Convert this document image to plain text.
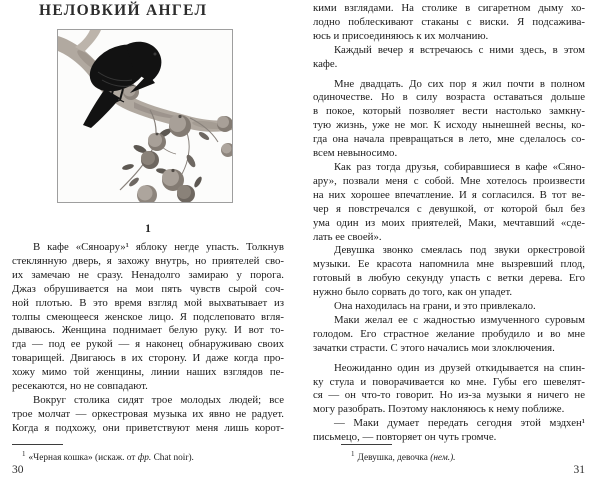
НЕЛОВКИЙ АНГЕЛ
1
В кафе «Сяноару»¹ яблоку негде упасть. Толкнув
стеклянную дверь, я захожу внутрь, но приятелей сво-
их замечаю не сразу. Ненадолго замираю у порога.
Джаз обрушивается на мои пять чувств сырой соч-
ной плотью. В это время взгляд мой выхватывает из
толпы смеющееся женское лицо. Я подслеповато вгля-
дываюсь. Женщина поднимает белую руку. И вот то-
гда — под ее рукой — я наконец обнаруживаю своих
товарищей. Двигаюсь в их сторону. И даже когда про-
хожу мимо той женщины, линии наших взглядов пе-
ресекаются, но не совпадают.
Вокруг столика сидят трое молодых людей; все
трое молчат — оркестровая музыка их явно не радует.
Когда я подхожу, они приветствуют меня лишь корот-
$^1$ «Черная кошка» (искаж. от фр. Chat noir).
30
кими взглядами. На столике в сигаретном дыму хо-
лодно поблескивают стаканы с виски. Я подсажива-
юсь и присоединяюсь к их молчанию.
Каждый вечер я встречаюсь с ними здесь, в этом
кафе.
Мне двадцать. До сих пор я жил почти в полном
одиночестве. Но в силу возраста оставаться дольше
в покое, который позволяет вести настолько замкну-
тую жизнь, уже не мог. К исходу нынешней весны, ко-
гда она начала превращаться в лето, мне сделалось со-
всем невыносимо.
Как раз тогда друзья, собиравшиеся в кафе «Сяно-
ару», позвали меня с собой. Мне хотелось произвести
на них хорошее впечатление. И я согласился. В тот ве-
чер я повстречался с девушкой, от которой был без
ума один из моих приятелей, Маки, мечтавший «сде-
лать ее своей».
Девушка звонко смеялась под звуки оркестровой
музыки. Ее красота напомнила мне вызревший плод,
готовый в любую секунду упасть с ветки дерева. Его
нужно было сорвать до того, как он упадет.
Она находилась на грани, и это привлекало.
Маки желал ее с жадностью измученного суровым
голодом. Его страстное желание пробудило и во мне
зачатки страсти. С этого начались мои злоключения.
Неожиданно один из друзей откидывается на спин-
ку стула и поворачивается ко мне. Губы его шевелят-
ся — он что-то говорит. Но из-за музыки я ничего не
могу разобрать. Поэтому наклоняюсь к нему поближе.
— Маки думает передать сегодня этой мэдхен¹
письмецо, — повторяет он чуть громче.
$^1$ Девушка, девочка (нем.).
31
